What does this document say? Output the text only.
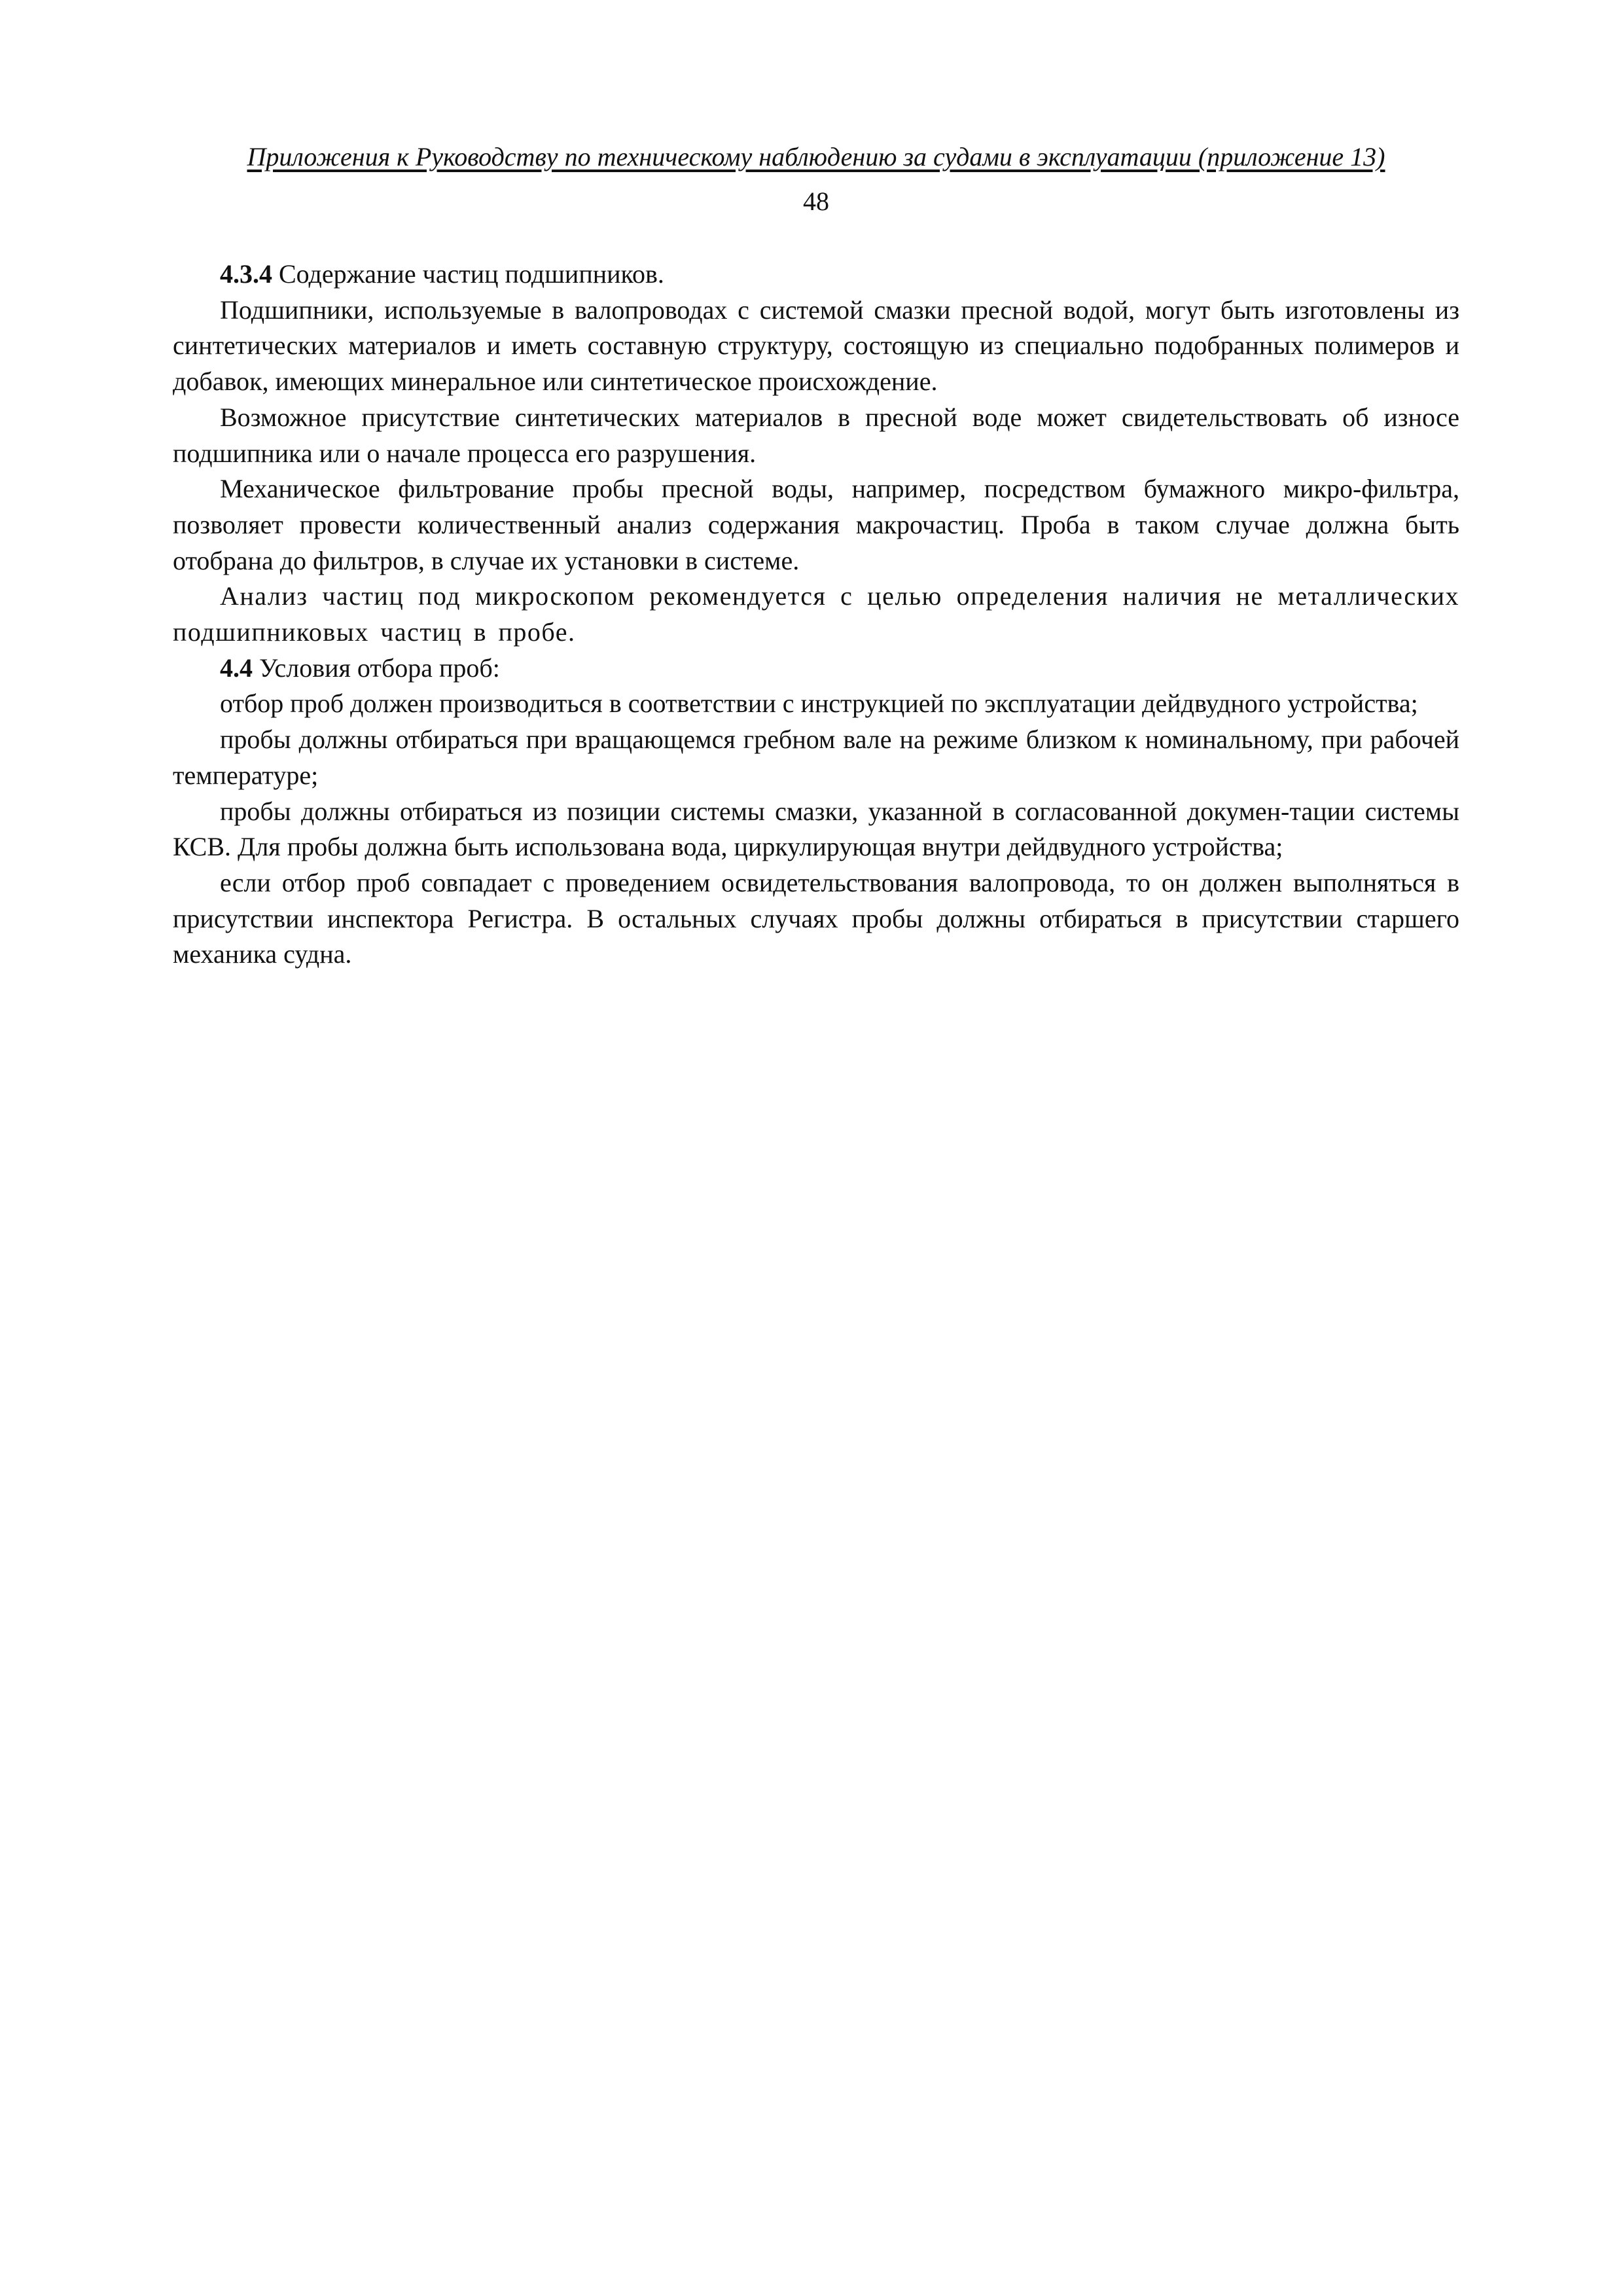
Приложения к Руководству по техническому наблюдению за судами в эксплуатации (приложение 13)
48

4.3.4 Содержание частиц подшипников.

Подшипники, используемые в валопроводах с системой смазки пресной водой, могут быть изготовлены из синтетических материалов и иметь составную структуру, состоящую из специально подобранных полимеров и добавок, имеющих минеральное или синтетическое происхождение.

Возможное присутствие синтетических материалов в пресной воде может свидетельствовать об износе подшипника или о начале процесса его разрушения.

Механическое фильтрование пробы пресной воды, например, посредством бумажного микро-фильтра, позволяет провести количественный анализ содержания макрочастиц. Проба в таком случае должна быть отобрана до фильтров, в случае их установки в системе.

Анализ частиц под микроскопом рекомендуется с целью определения наличия не металлических подшипниковых частиц в пробе.

4.4 Условия отбора проб:

отбор проб должен производиться в соответствии с инструкцией по эксплуатации дейдвудного устройства;

пробы должны отбираться при вращающемся гребном вале на режиме близком к номинальному, при рабочей температуре;

пробы должны отбираться из позиции системы смазки, указанной в согласованной докумен-тации системы КСВ. Для пробы должна быть использована вода, циркулирующая внутри дейдвудного устройства;

если отбор проб совпадает с проведением освидетельствования валопровода, то он должен выполняться в присутствии инспектора Регистра. В остальных случаях пробы должны отбираться в присутствии старшего механика судна.
